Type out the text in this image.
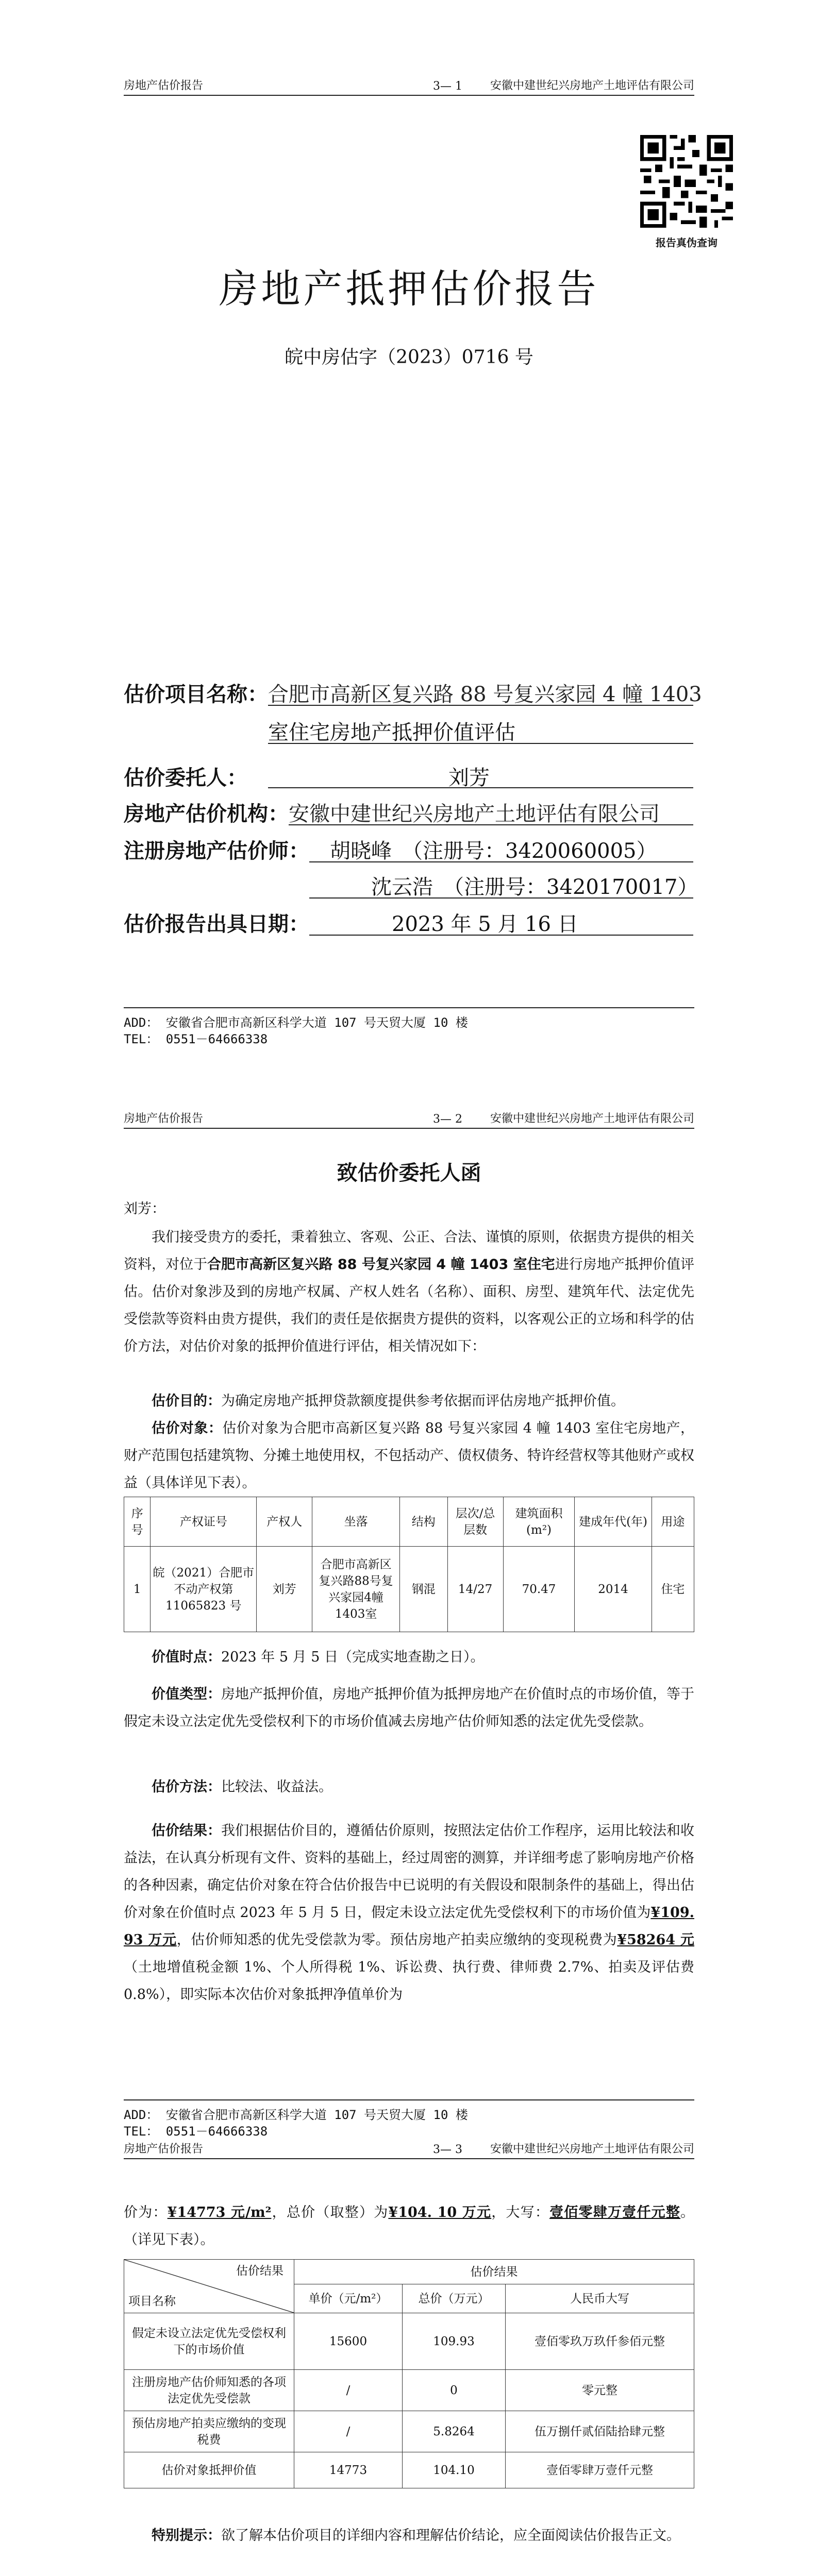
房地产估价报告	3— 1 安徽中建世纪兴房地产土地评估有限公司
报告真伪查询
房地产抵押估价报告
皖中房估字（2023）0716 号
估价项目名称：合肥市高新区复兴路 88 号复兴家园 4 幢 1403
室住宅房地产抵押价值评估
估价委托人：	刘芳
房地产估价机构：安徽中建世纪兴房地产土地评估有限公司
注册房地产估价师： 胡晓峰　（注册号：3420060005）
沈云浩　（注册号：3420170017）
估价报告出具日期：	2023 年 5 月 16 日
ADD： 安徽省合肥市高新区科学大道 107 号天贸大厦 10 楼
TEL： 0551－64666338
房地产估价报告	3— 2 安徽中建世纪兴房地产土地评估有限公司
致估价委托人函
刘芳：
我们接受贵方的委托，秉着独立、客观、公正、合法、谨慎的原则，依据贵方提供的相关资料，对位于合肥市高新区复兴路 88 号复兴家园 4 幢 1403 室住宅进行房地产抵押价值评估。估价对象涉及到的房地产权属、产权人姓名（名称）、面积、房型、建筑年代、法定优先受偿款等资料由贵方提供，我们的责任是依据贵方提供的资料，以客观公正的立场和科学的估价方法，对估价对象的抵押价值进行评估，相关情况如下：
估价目的：为确定房地产抵押贷款额度提供参考依据而评估房地产抵押价值。
估价对象：估价对象为合肥市高新区复兴路 88 号复兴家园 4 幢 1403 室住宅房地产，财产范围包括建筑物、分摊土地使用权，不包括动产、债权债务、特许经营权等其他财产或权益（具体详见下表）。
序号	产权证号	产权人	坐落	结构	层次/总层数	建筑面积(m²)	建成年代(年)	用途
1	皖（2021）合肥市不动产权第11065823 号	刘芳	合肥市高新区复兴路88号复兴家园4幢1403室	钢混	14/27	70.47	2014	住宅
价值时点：2023 年 5 月 5 日（完成实地查勘之日）。
价值类型：房地产抵押价值，房地产抵押价值为抵押房地产在价值时点的市场价值，等于假定未设立法定优先受偿权利下的市场价值减去房地产估价师知悉的法定优先受偿款。
估价方法：比较法、收益法。
估价结果：我们根据估价目的，遵循估价原则，按照法定估价工作程序，运用比较法和收益法，在认真分析现有文件、资料的基础上，经过周密的测算，并详细考虑了影响房地产价格的各种因素，确定估价对象在符合估价报告中已说明的有关假设和限制条件的基础上，得出估价对象在价值时点 2023 年 5 月 5 日，假定未设立法定优先受偿权利下的市场价值为¥109. 93 万元，估价师知悉的优先受偿款为零。预估房地产拍卖应缴纳的变现税费为¥58264 元（土地增值税金额 1%、个人所得税 1%、诉讼费、执行费、律师费 2.7%、拍卖及评估费 0.8%），即实际本次估价对象抵押净值单价为
ADD： 安徽省合肥市高新区科学大道 107 号天贸大厦 10 楼
TEL： 0551－64666338
房地产估价报告	3— 3 安徽中建世纪兴房地产土地评估有限公司
价为：¥14773 元/m²，总价（取整）为¥104. 10 万元，大写：壹佰零肆万壹仟元整。（详见下表）。
估价结果
项目名称	估价结果		
	单价（元/m²）	总价（万元）	人民币大写
假定未设立法定优先受偿权利下的市场价值	15600	109.93	壹佰零玖万玖仟参佰元整
注册房地产估价师知悉的各项法定优先受偿款	/	0	零元整
预估房地产拍卖应缴纳的变现税费	/	5.8264	伍万捌仟贰佰陆拾肆元整
估价对象抵押价值	14773	104.10	壹佰零肆万壹仟元整
特别提示：欲了解本估价项目的详细内容和理解估价结论，应全面阅读估价报告正文。
